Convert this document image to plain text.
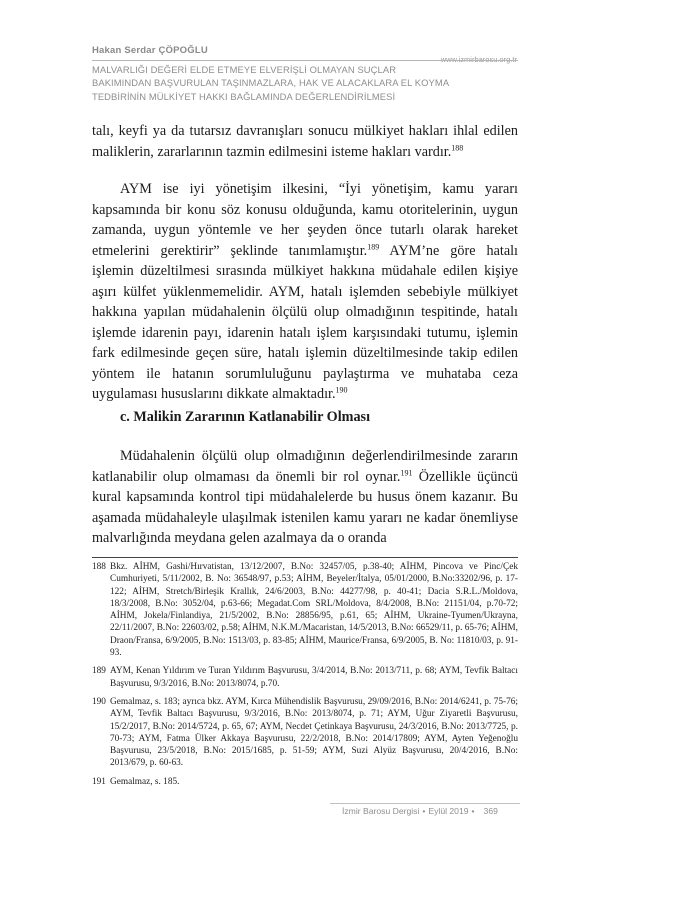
Hakan Serdar ÇÖPOĞLU
www.izmirbarosu.org.tr
MALVARLIĞI DEĞERİ ELDE ETMEYE ELVERİŞLİ OLMAYAN SUÇLAR
BAKIMINDAN BAŞVURULAN TAŞINMAZLARA, HAK VE ALACAKLARA EL KOYMA
TEDBİRİNİN MÜLKİYET HAKKI BAĞLAMINDA DEĞERLENDİRİLMESİ

talı, keyfi ya da tutarsız davranışları sonucu mülkiyet hakları ihlal edilen maliklerin, zararlarının tazmin edilmesini isteme hakları vardır.$^{188}$

AYM ise iyi yönetişim ilkesini, “İyi yönetişim, kamu yararı kapsamında bir konu söz konusu olduğunda, kamu otoritelerinin, uygun zamanda, uygun yöntemle ve her şeyden önce tutarlı olarak hareket etmelerini gerektirir” şeklinde tanımlamıştır.$^{189}$ AYM’ne göre hatalı işlemin düzeltilmesi sırasında mülkiyet hakkına müdahale edilen kişiye aşırı külfet yüklenmemelidir. AYM, hatalı işlemden sebebiyle mülkiyet hakkına yapılan müdahalenin ölçülü olup olmadığının tespitinde, hatalı işlemde idarenin payı, idarenin hatalı işlem karşısındaki tutumu, işlemin fark edilmesinde geçen süre, hatalı işlemin düzeltilmesinde takip edilen yöntem ile hatanın sorumluluğunu paylaştırma ve muhataba ceza uygulaması hususlarını dikkate almaktadır.$^{190}$

c. Malikin Zararının Katlanabilir Olması

Müdahalenin ölçülü olup olmadığının değerlendirilmesinde zararın katlanabilir olup olmaması da önemli bir rol oynar.$^{191}$ Özellikle üçüncü kural kapsamında kontrol tipi müdahalelerde bu husus önem kazanır. Bu aşamada müdahaleyle ulaşılmak istenilen kamu yararı ne kadar önemliyse malvarlığında meydana gelen azalmaya da o oranda

188 Bkz. AİHM, Gashi/Hırvatistan, 13/12/2007, B.No: 32457/05, p.38-40; AİHM, Pincova ve Pinc/Çek Cumhuriyeti, 5/11/2002, B. No: 36548/97, p.53; AİHM, Beyeler/İtalya, 05/01/2000, B.No:33202/96, p. 17-122; AİHM, Stretch/Birleşik Krallık, 24/6/2003, B.No: 44277/98, p. 40-41; Dacia S.R.L./Moldova, 18/3/2008, B.No: 3052/04, p.63-66; Megadat.Com SRL/Moldova, 8/4/2008, B.No: 21151/04, p.70-72; AİHM, Jokela/Finlandiya, 21/5/2002, B.No: 28856/95, p.61, 65; AİHM, Ukraine-Tyumen/Ukrayna, 22/11/2007, B.No: 22603/02, p.58; AİHM, N.K.M./Macaristan, 14/5/2013, B.No: 66529/11, p. 65-76; AİHM, Draon/Fransa, 6/9/2005, B.No: 1513/03, p. 83-85; AİHM, Maurice/Fransa, 6/9/2005, B. No: 11810/03, p. 91-93.
189 AYM, Kenan Yıldırım ve Turan Yıldırım Başvurusu, 3/4/2014, B.No: 2013/711, p. 68; AYM, Tevfik Baltacı Başvurusu, 9/3/2016, B.No: 2013/8074, p.70.
190 Gemalmaz, s. 183; ayrıca bkz. AYM, Kırca Mühendislik Başvurusu, 29/09/2016, B.No: 2014/6241, p. 75-76; AYM, Tevfik Baltacı Başvurusu, 9/3/2016, B.No: 2013/8074, p. 71; AYM, Uğur Ziyaretli Başvurusu, 15/2/2017, B.No: 2014/5724, p. 65, 67; AYM, Necdet Çetinkaya Başvurusu, 24/3/2016, B.No: 2013/7725, p. 70-73; AYM, Fatma Ülker Akkaya Başvurusu, 22/2/2018, B.No: 2014/17809; AYM, Ayten Yeğenoğlu Başvurusu, 23/5/2018, B.No: 2015/1685, p. 51-59; AYM, Suzi Alyüz Başvurusu, 20/4/2016, B.No: 2013/679, p. 60-63.
191 Gemalmaz, s. 185.
İzmir Barosu Dergisi • Eylül 2019 • 369
